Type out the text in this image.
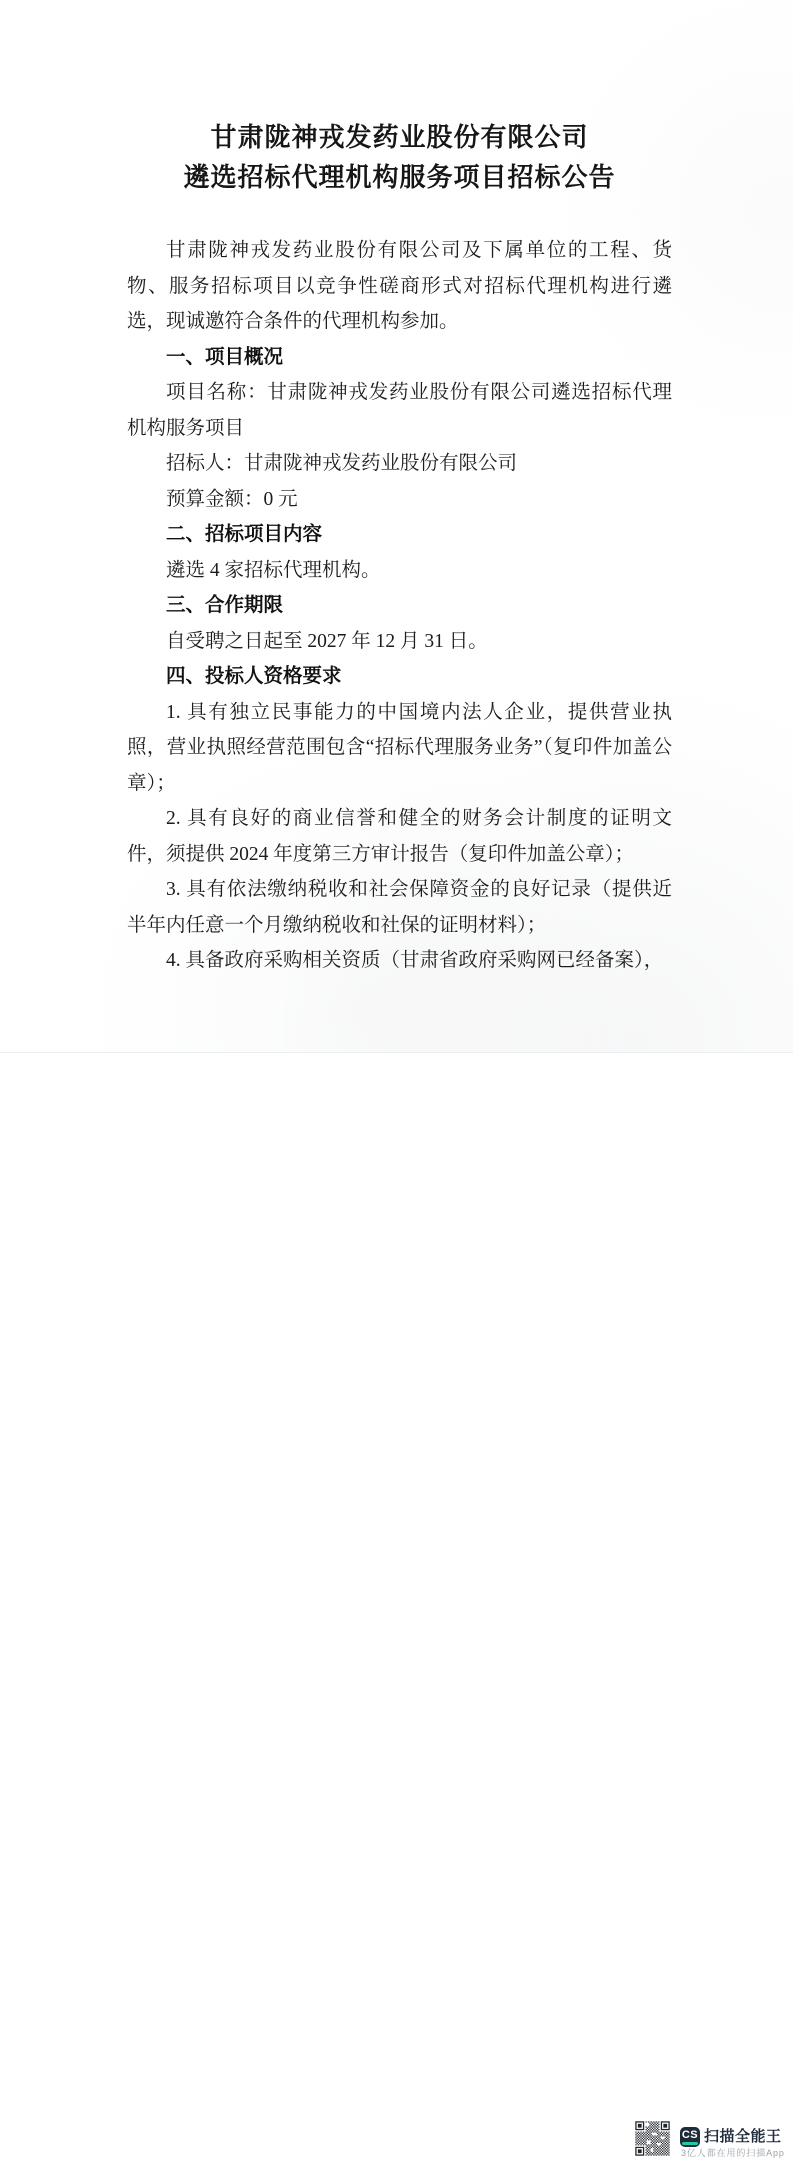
甘肃陇神戎发药业股份有限公司
遴选招标代理机构服务项目招标公告

甘肃陇神戎发药业股份有限公司及下属单位的工程、货物、服务招标项目以竞争性磋商形式对招标代理机构进行遴选，现诚邀符合条件的代理机构参加。

一、项目概况

项目名称：甘肃陇神戎发药业股份有限公司遴选招标代理机构服务项目

招标人：甘肃陇神戎发药业股份有限公司

预算金额：0 元

二、招标项目内容

遴选 4 家招标代理机构。

三、合作期限

自受聘之日起至 2027 年 12 月 31 日。

四、投标人资格要求

1. 具有独立民事能力的中国境内法人企业，提供营业执照，营业执照经营范围包含“招标代理服务业务”（复印件加盖公章）；

2. 具有良好的商业信誉和健全的财务会计制度的证明文件，须提供 2024 年度第三方审计报告（复印件加盖公章）；

3. 具有依法缴纳税收和社会保障资金的良好记录（提供近半年内任意一个月缴纳税收和社保的证明材料）；

4. 具备政府采购相关资质（甘肃省政府采购网已经备案），

CS 扫描全能王
3亿人都在用的扫描App
